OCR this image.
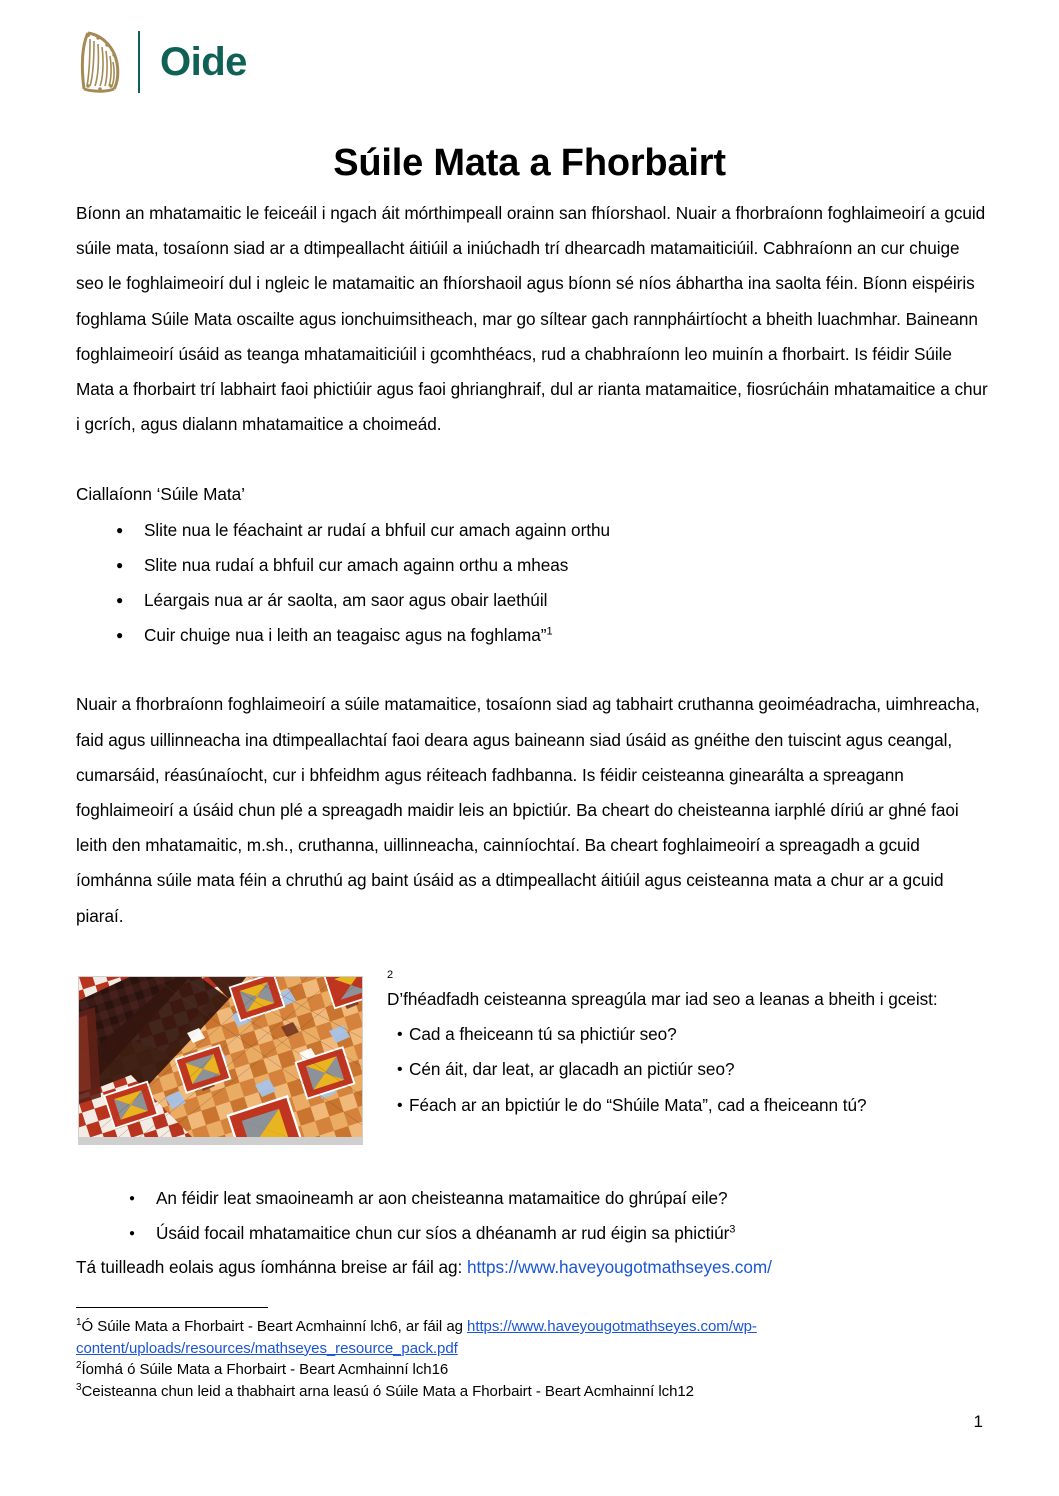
Oide
Súile Mata a Fhorbairt

Bíonn an mhatamaitic le feiceáil i ngach áit mórthimpeall orainn san fhíorshaol. Nuair a fhorbraíonn foghlaimeoirí a gcuid súile mata, tosaíonn siad ar a dtimpeallacht áitiúil a iniúchadh trí dhearcadh matamaiticiúil. Cabhraíonn an cur chuige seo le foghlaimeoirí dul i ngleic le matamaitic an fhíorshaoil agus bíonn sé níos ábhartha ina saolta féin. Bíonn eispéiris foghlama Súile Mata oscailte agus ionchuimsitheach, mar go síltear gach rannpháirtíocht a bheith luachmhar. Baineann foghlaimeoirí úsáid as teanga mhatamaiticiúil i gcomhthéacs, rud a chabhraíonn leo muinín a fhorbairt. Is féidir Súile Mata a fhorbairt trí labhairt faoi phictiúir agus faoi ghrianghraif, dul ar rianta matamaitice, fiosrúcháin mhatamaitice a chur i gcrích, agus dialann mhatamaitice a choimeád.

Ciallaíonn ‘Súile Mata’

● Slite nua le féachaint ar rudaí a bhfuil cur amach againn orthu
● Slite nua rudaí a bhfuil cur amach againn orthu a mheas
● Léargais nua ar ár saolta, am saor agus obair laethúil
● Cuir chuige nua i leith an teagaisc agus na foghlama”$^1$

Nuair a fhorbraíonn foghlaimeoirí a súile matamaitice, tosaíonn siad ag tabhairt cruthanna geoiméadracha, uimhreacha, faid agus uillinneacha ina dtimpeallachtaí faoi deara agus baineann siad úsáid as gnéithe den tuiscint agus ceangal, cumarsáid, réasúnaíocht, cur i bhfeidhm agus réiteach fadhbanna. Is féidir ceisteanna ginearálta a spreagann foghlaimeoirí a úsáid chun plé a spreagadh maidir leis an bpictiúr. Ba cheart do cheisteanna iarphlé díriú ar ghné faoi leith den mhatamaitic, m.sh., cruthanna, uillinneacha, cainníochtaí. Ba cheart foghlaimeoirí a spreagadh a gcuid íomhánna súile mata féin a chruthú ag baint úsáid as a dtimpeallacht áitiúil agus ceisteanna mata a chur ar a gcuid piaraí.

2

D’fhéadfadh ceisteanna spreagúla mar iad seo a leanas a bheith i gceist:

• Cad a fheiceann tú sa phictiúr seo?
• Cén áit, dar leat, ar glacadh an pictiúr seo?
• Féach ar an bpictiúr le do “Shúile Mata”, cad a fheiceann tú?
● An féidir leat smaoineamh ar aon cheisteanna matamaitice do ghrúpaí eile?
● Úsáid focail mhatamaitice chun cur síos a dhéanamh ar rud éigin sa phictiúr$^3$
Tá tuilleadh eolais agus íomhánna breise ar fáil ag: https://www.haveyougotmathseyes.com/

$^1$Ó Súile Mata a Fhorbairt - Beart Acmhainní lch6, ar fáil ag https://www.haveyougotmathseyes.com/wp-content/uploads/resources/mathseyes_resource_pack.pdf

$^2$Íomhá ó Súile Mata a Fhorbairt - Beart Acmhainní lch16

$^3$Ceisteanna chun leid a thabhairt arna leasú ó Súile Mata a Fhorbairt - Beart Acmhainní lch12

1
